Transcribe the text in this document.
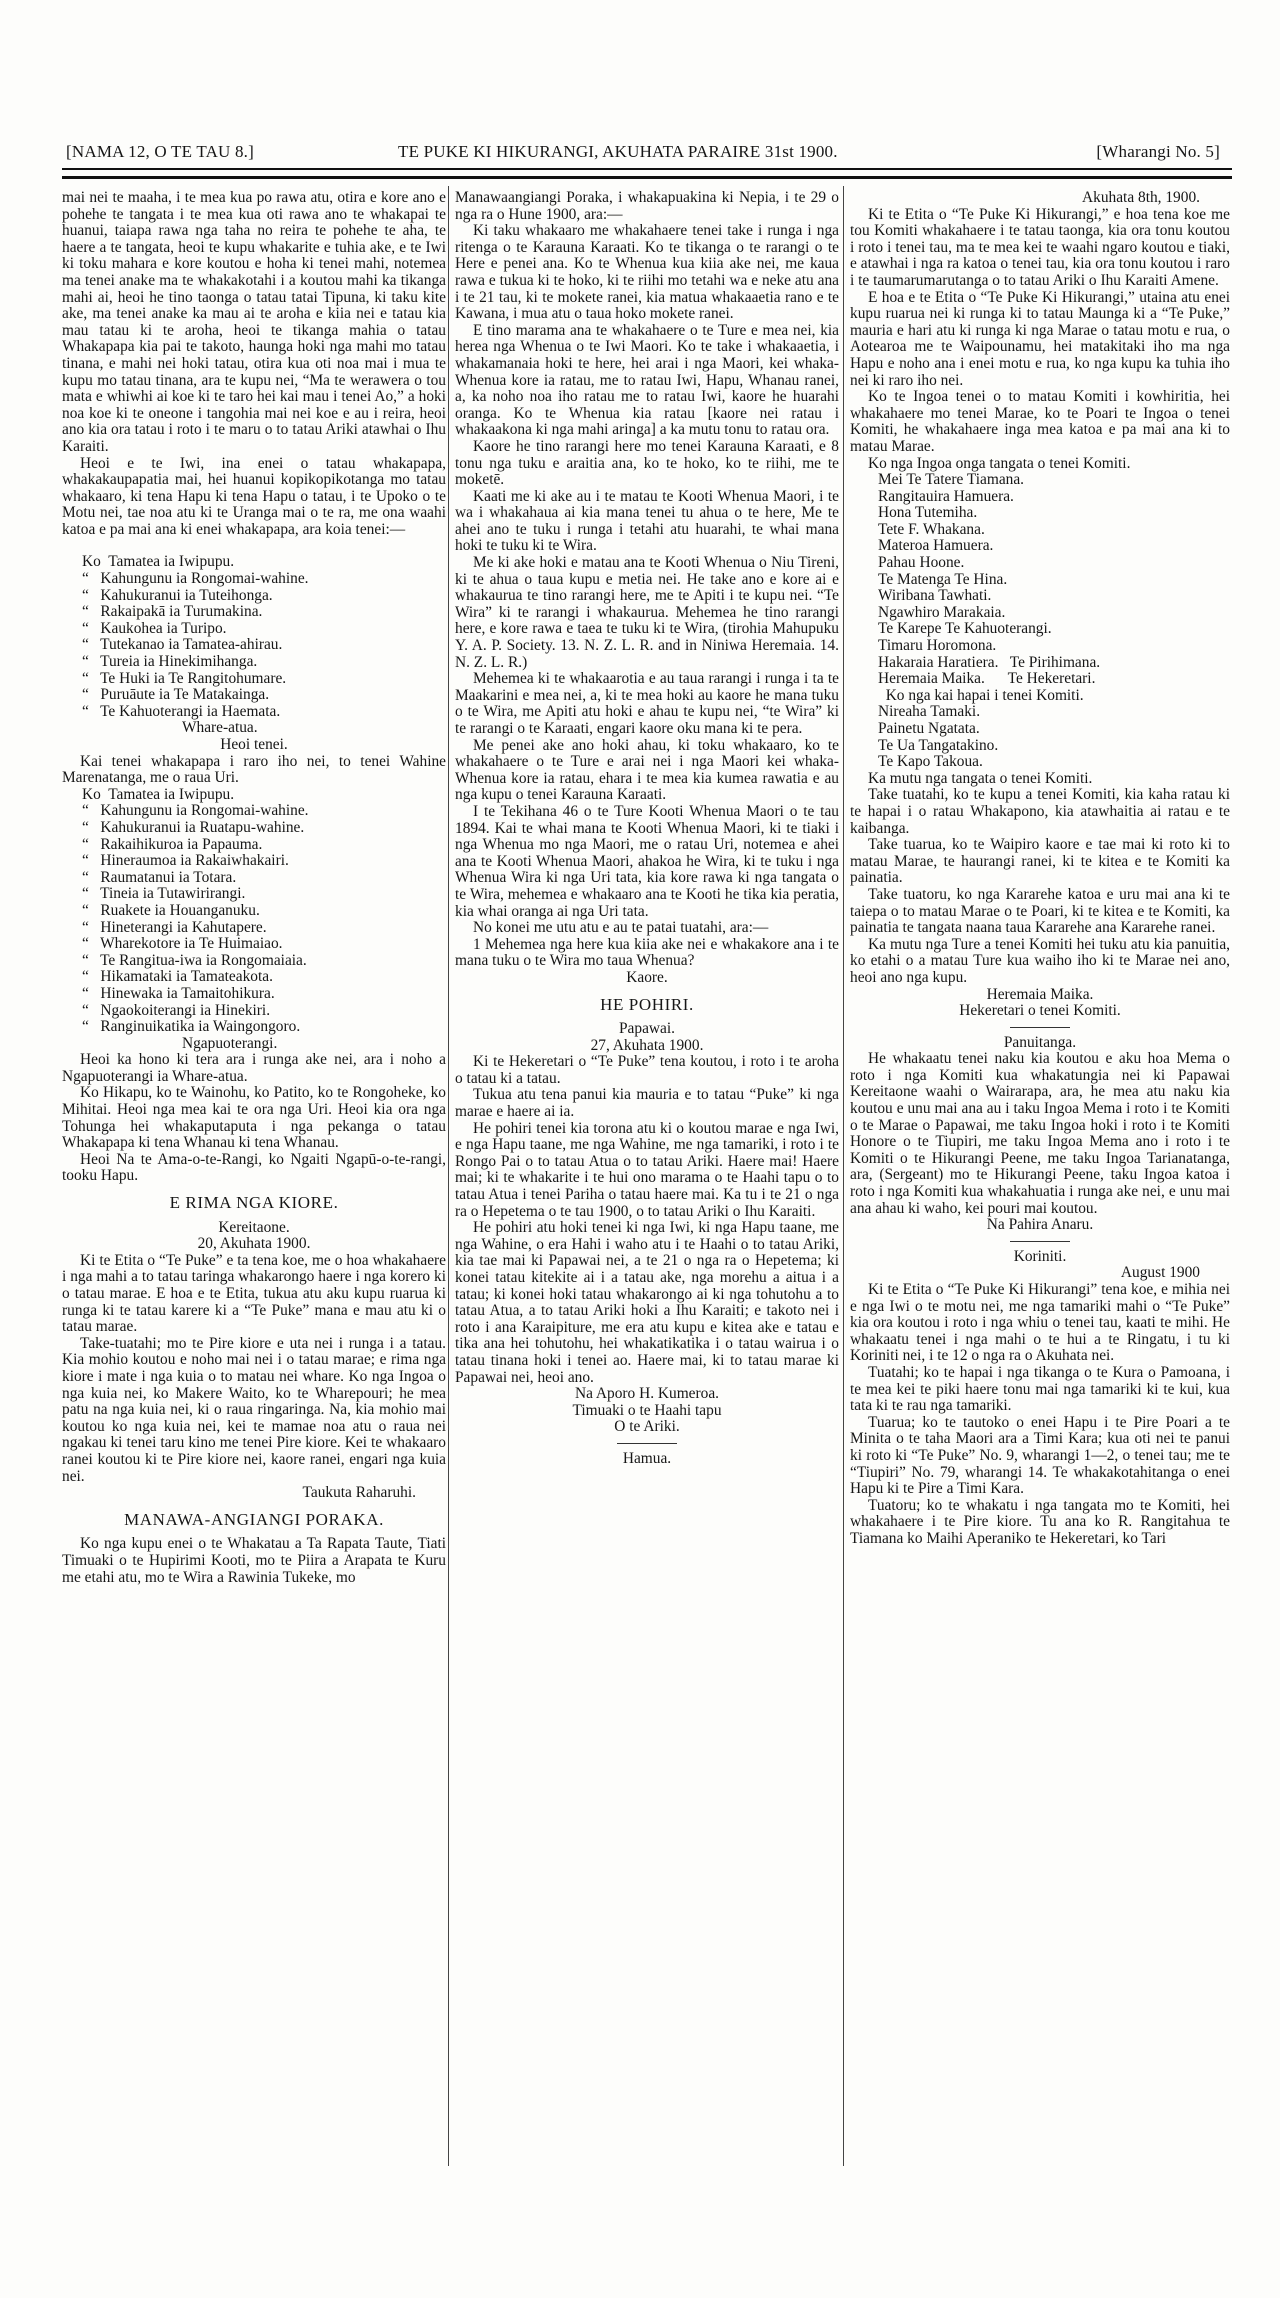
[NAMA 12, O TE TAU 8.]	TE PUKE KI HIKURANGI, AKUHATA PARAIRE 31st 1900.	[Wharangi No. 5]
mai nei te maaha, i te mea kua po rawa atu, otira e kore ano e pohehe te tangata i te mea kua oti rawa ano te whakapai te huanui, taiapa rawa nga taha no reira te pohehe te aha, te haere a te tangata, heoi te kupu whakarite e tuhia ake, e te Iwi ki toku mahara e kore koutou e hoha ki tenei mahi, notemea ma tenei anake ma te whakakotahi i a koutou mahi ka tikanga mahi ai, heoi he tino taonga o tatau tatai Tipuna, ki taku kite ake, ma tenei anake ka mau ai te aroha e kiia nei e tatau kia mau tatau ki te aroha, heoi te tikanga mahia o tatau Whakapapa kia pai te takoto, haunga hoki nga mahi mo tatau tinana, e mahi nei hoki tatau, otira kua oti noa mai i mua te kupu mo tatau tinana, ara te kupu nei, “Ma te werawera o tou mata e whiwhi ai koe ki te taro hei kai mau i tenei Ao,” a hoki noa koe ki te oneone i tangohia mai nei koe e au i reira, heoi ano kia ora tatau i roto i te maru o to tatau Ariki atawhai o Ihu Karaiti.
Heoi e te Iwi, ina enei o tatau whakapapa, whakakaupapatia mai, hei huanui kopikopikotanga mo tatau whakaaro, ki tena Hapu ki tena Hapu o tatau, i te Upoko o te Motu nei, tae noa atu ki te Uranga mai o te ra, me ona waahi katoa e pa mai ana ki enei whakapapa, ara koia tenei:—
Ko  Tamatea ia Iwipupu.
“   Kahungunu ia Rongomai-wahine.
“   Kahukuranui ia Tuteihonga.
“   Rakaipakā ia Turumakina.
“   Kaukohea ia Turipo.
“   Tutekanao ia Tamatea-ahirau.
“   Tureia ia Hinekimihanga.
“   Te Huki ia Te Rangitohumare.
“   Puruāute ia Te Matakainga.
“   Te Kahuoterangi ia Haemata.
Whare-atua.
Heoi tenei.
Kai tenei whakapapa i raro iho nei, to tenei Wahine Marenatanga, me o raua Uri.
Ko  Tamatea ia Iwipupu.
“   Kahungunu ia Rongomai-wahine.
“   Kahukuranui ia Ruatapu-wahine.
“   Rakaihikuroa ia Papauma.
“   Hineraumoa ia Rakaiwhakairi.
“   Raumatanui ia Totara.
“   Tineia ia Tutawirirangi.
“   Ruakete ia Houanganuku.
“   Hineterangi ia Kahutapere.
“   Wharekotore ia Te Huimaiao.
“   Te Rangitua-iwa ia Rongomaiaia.
“   Hikamataki ia Tamateakota.
“   Hinewaka ia Tamaitohikura.
“   Ngaokoiterangi ia Hinekiri.
“   Ranginuikatika ia Waingongoro.
Ngapuoterangi.
Heoi ka hono ki tera ara i runga ake nei, ara i noho a Ngapuoterangi ia Whare-atua.
Ko Hikapu, ko te Wainohu, ko Patito, ko te Rongoheke, ko Mihitai. Heoi nga mea kai te ora nga Uri. Heoi kia ora nga Tohunga hei whakaputaputa i nga pekanga o tatau Whakapapa ki tena Whanau ki tena Whanau.
Heoi Na te Ama-o-te-Rangi, ko Ngaiti Ngapū-o-te-rangi, tooku Hapu.
E RIMA NGA KIORE.
Kereitaone.
20, Akuhata 1900.
Ki te Etita o “Te Puke” e ta tena koe, me o hoa whakahaere i nga mahi a to tatau taringa whakarongo haere i nga korero ki o tatau marae. E hoa e te Etita, tukua atu aku kupu ruarua ki runga ki te tatau karere ki a “Te Puke” mana e mau atu ki o tatau marae.
Take-tuatahi; mo te Pire kiore e uta nei i runga i a tatau. Kia mohio koutou e noho mai nei i o tatau marae; e rima nga kiore i mate i nga kuia o to matau nei whare. Ko nga Ingoa o nga kuia nei, ko Makere Waito, ko te Wharepouri; he mea patu na nga kuia nei, ki o raua ringaringa. Na, kia mohio mai koutou ko nga kuia nei, kei te mamae noa atu o raua nei ngakau ki tenei taru kino me tenei Pire kiore. Kei te whakaaro ranei koutou ki te Pire kiore nei, kaore ranei, engari nga kuia nei.
Taukuta Raharuhi.
MANAWA-ANGIANGI PORAKA.
Ko nga kupu enei o te Whakatau a Ta Rapata Taute, Tiati Timuaki o te Hupirimi Kooti, mo te Piira a Arapata te Kuru me etahi atu, mo te Wira a Rawinia Tukeke, mo
Manawaangiangi Poraka, i whakapuakina ki Nepia, i te 29 o nga ra o Hune 1900, ara:—
Ki taku whakaaro me whakahaere tenei take i runga i nga ritenga o te Karauna Karaati. Ko te tikanga o te rarangi o te Here e penei ana. Ko te Whenua kua kiia ake nei, me kaua rawa e tukua ki te hoko, ki te riihi mo tetahi wa e neke atu ana i te 21 tau, ki te mokete ranei, kia matua whakaaetia rano e te Kawana, i mua atu o taua hoko mokete ranei.
E tino marama ana te whakahaere o te Ture e mea nei, kia herea nga Whenua o te Iwi Maori. Ko te take i whakaaetia, i whakamanaia hoki te here, hei arai i nga Maori, kei whaka-Whenua kore ia ratau, me to ratau Iwi, Hapu, Whanau ranei, a, ka noho noa iho ratau me to ratau Iwi, kaore he huarahi oranga. Ko te Whenua kia ratau [kaore nei ratau i whakaakona ki nga mahi aringa] a ka mutu tonu to ratau ora.
Kaore he tino rarangi here mo tenei Karauna Karaati, e 8 tonu nga tuku e araitia ana, ko te hoko, ko te riihi, me te moketē.
Kaati me ki ake au i te matau te Kooti Whenua Maori, i te wa i whakahaua ai kia mana tenei tu ahua o te here, Me te ahei ano te tuku i runga i tetahi atu huarahi, te whai mana hoki te tuku ki te Wira.
Me ki ake hoki e matau ana te Kooti Whenua o Niu Tireni, ki te ahua o taua kupu e metia nei. He take ano e kore ai e whakaurua te tino rarangi here, me te Apiti i te kupu nei. “Te Wira” ki te rarangi i whakaurua. Mehemea he tino rarangi here, e kore rawa e taea te tuku ki te Wira, (tirohia Mahupuku Y. A. P. Society. 13. N. Z. L. R. and in Niniwa Heremaia. 14. N. Z. L. R.)
Mehemea ki te whakaarotia e au taua rarangi i runga i ta te Maakarini e mea nei, a, ki te mea hoki au kaore he mana tuku o te Wira, me Apiti atu hoki e ahau te kupu nei, “te Wira” ki te rarangi o te Karaati, engari kaore oku mana ki te pera.
Me penei ake ano hoki ahau, ki toku whakaaro, ko te whakahaere o te Ture e arai nei i nga Maori kei whaka-Whenua kore ia ratau, ehara i te mea kia kumea rawatia e au nga kupu o tenei Karauna Karaati.
I te Tekihana 46 o te Ture Kooti Whenua Maori o te tau 1894. Kai te whai mana te Kooti Whenua Maori, ki te tiaki i nga Whenua mo nga Maori, me o ratau Uri, notemea e ahei ana te Kooti Whenua Maori, ahakoa he Wira, ki te tuku i nga Whenua Wira ki nga Uri tata, kia kore rawa ki nga tangata o te Wira, mehemea e whakaaro ana te Kooti he tika kia peratia, kia whai oranga ai nga Uri tata.
No konei me utu atu e au te patai tuatahi, ara:—
1 Mehemea nga here kua kiia ake nei e whakakore ana i te mana tuku o te Wira mo taua Whenua?
Kaore.
HE POHIRI.
Papawai.
27, Akuhata 1900.
Ki te Hekeretari o “Te Puke” tena koutou, i roto i te aroha o tatau ki a tatau.
Tukua atu tena panui kia mauria e to tatau “Puke” ki nga marae e haere ai ia.
He pohiri tenei kia torona atu ki o koutou marae e nga Iwi, e nga Hapu taane, me nga Wahine, me nga tamariki, i roto i te Rongo Pai o to tatau Atua o to tatau Ariki. Haere mai! Haere mai; ki te whakarite i te hui ono marama o te Haahi tapu o to tatau Atua i tenei Pariha o tatau haere mai. Ka tu i te 21 o nga ra o Hepetema o te tau 1900, o to tatau Ariki o Ihu Karaiti.
He pohiri atu hoki tenei ki nga Iwi, ki nga Hapu taane, me nga Wahine, o era Hahi i waho atu i te Haahi o to tatau Ariki, kia tae mai ki Papawai nei, a te 21 o nga ra o Hepetema; ki konei tatau kitekite ai i a tatau ake, nga morehu a aitua i a tatau; ki konei hoki tatau whakarongo ai ki nga tohutohu a to tatau Atua, a to tatau Ariki hoki a Ihu Karaiti; e takoto nei i roto i ana Karaipiture, me era atu kupu e kitea ake e tatau e tika ana hei tohutohu, hei whakatikatika i o tatau wairua i o tatau tinana hoki i tenei ao. Haere mai, ki to tatau marae ki Papawai nei, heoi ano.
Na Aporo H. Kumeroa.
Timuaki o te Haahi tapu
O te Ariki.
Hamua.
Akuhata 8th, 1900.
Ki te Etita o “Te Puke Ki Hikurangi,” e hoa tena koe me tou Komiti whakahaere i te tatau taonga, kia ora tonu koutou i roto i tenei tau, ma te mea kei te waahi ngaro koutou e tiaki, e atawhai i nga ra katoa o tenei tau, kia ora tonu koutou i raro i te taumarumarutanga o to tatau Ariki o Ihu Karaiti Amene.
E hoa e te Etita o “Te Puke Ki Hikurangi,” utaina atu enei kupu ruarua nei ki runga ki to tatau Maunga ki a “Te Puke,” mauria e hari atu ki runga ki nga Marae o tatau motu e rua, o Aotearoa me te Waipounamu, hei matakitaki iho ma nga Hapu e noho ana i enei motu e rua, ko nga kupu ka tuhia iho nei ki raro iho nei.
Ko te Ingoa tenei o to matau Komiti i kowhiritia, hei whakahaere mo tenei Marae, ko te Poari te Ingoa o tenei Komiti, he whakahaere inga mea katoa e pa mai ana ki to matau Marae.
Ko nga Ingoa onga tangata o tenei Komiti.
Mei Te Tatere Tiamana.
Rangitauira Hamuera.
Hona Tutemiha.
Tete F. Whakana.
Materoa Hamuera.
Pahau Hoone.
Te Matenga Te Hina.
Wiribana Tawhati.
Ngawhiro Marakaia.
Te Karepe Te Kahuoterangi.
Timaru Horomona.
Hakaraia Haratiera.   Te Pirihimana.
Heremaia Maika.      Te Hekeretari.
Ko nga kai hapai i tenei Komiti.
Nireaha Tamaki.
Painetu Ngatata.
Te Ua Tangatakino.
Te Kapo Takoua.
Ka mutu nga tangata o tenei Komiti.
Take tuatahi, ko te kupu a tenei Komiti, kia kaha ratau ki te hapai i o ratau Whakapono, kia atawhaitia ai ratau e te kaibanga.
Take tuarua, ko te Waipiro kaore e tae mai ki roto ki to matau Marae, te haurangi ranei, ki te kitea e te Komiti ka painatia.
Take tuatoru, ko nga Kararehe katoa e uru mai ana ki te taiepa o to matau Marae o te Poari, ki te kitea e te Komiti, ka painatia te tangata naana taua Kararehe ana Kararehe ranei.
Ka mutu nga Ture a tenei Komiti hei tuku atu kia panuitia, ko etahi o a matau Ture kua waiho iho ki te Marae nei ano, heoi ano nga kupu.
Heremaia Maika.
Hekeretari o tenei Komiti.
Panuitanga.
He whakaatu tenei naku kia koutou e aku hoa Mema o roto i nga Komiti kua whakatungia nei ki Papawai Kereitaone waahi o Wairarapa, ara, he mea atu naku kia koutou e unu mai ana au i taku Ingoa Mema i roto i te Komiti o te Marae o Papawai, me taku Ingoa hoki i roto i te Komiti Honore o te Tiupiri, me taku Ingoa Mema ano i roto i te Komiti o te Hikurangi Peene, me taku Ingoa Tarianatanga, ara, (Sergeant) mo te Hikurangi Peene, taku Ingoa katoa i roto i nga Komiti kua whakahuatia i runga ake nei, e unu mai ana ahau ki waho, kei pouri mai koutou.
Na Pahira Anaru.
Koriniti.
August 1900
Ki te Etita o “Te Puke Ki Hikurangi” tena koe, e mihia nei e nga Iwi o te motu nei, me nga tamariki mahi o “Te Puke” kia ora koutou i roto i nga whiu o tenei tau, kaati te mihi. He whakaatu tenei i nga mahi o te hui a te Ringatu, i tu ki Koriniti nei, i te 12 o nga ra o Akuhata nei.
Tuatahi; ko te hapai i nga tikanga o te Kura o Pamoana, i te mea kei te piki haere tonu mai nga tamariki ki te kui, kua tata ki te rau nga tamariki.
Tuarua; ko te tautoko o enei Hapu i te Pire Poari a te Minita o te taha Maori ara a Timi Kara; kua oti nei te panui ki roto ki “Te Puke” No. 9, wharangi 1—2, o tenei tau; me te “Tiupiri” No. 79, wharangi 14. Te whakakotahitanga o enei Hapu ki te Pire a Timi Kara.
Tuatoru; ko te whakatu i nga tangata mo te Komiti, hei whakahaere i te Pire kiore. Tu ana ko R. Rangitahua te Tiamana ko Maihi Aperaniko te Hekeretari, ko Tari
